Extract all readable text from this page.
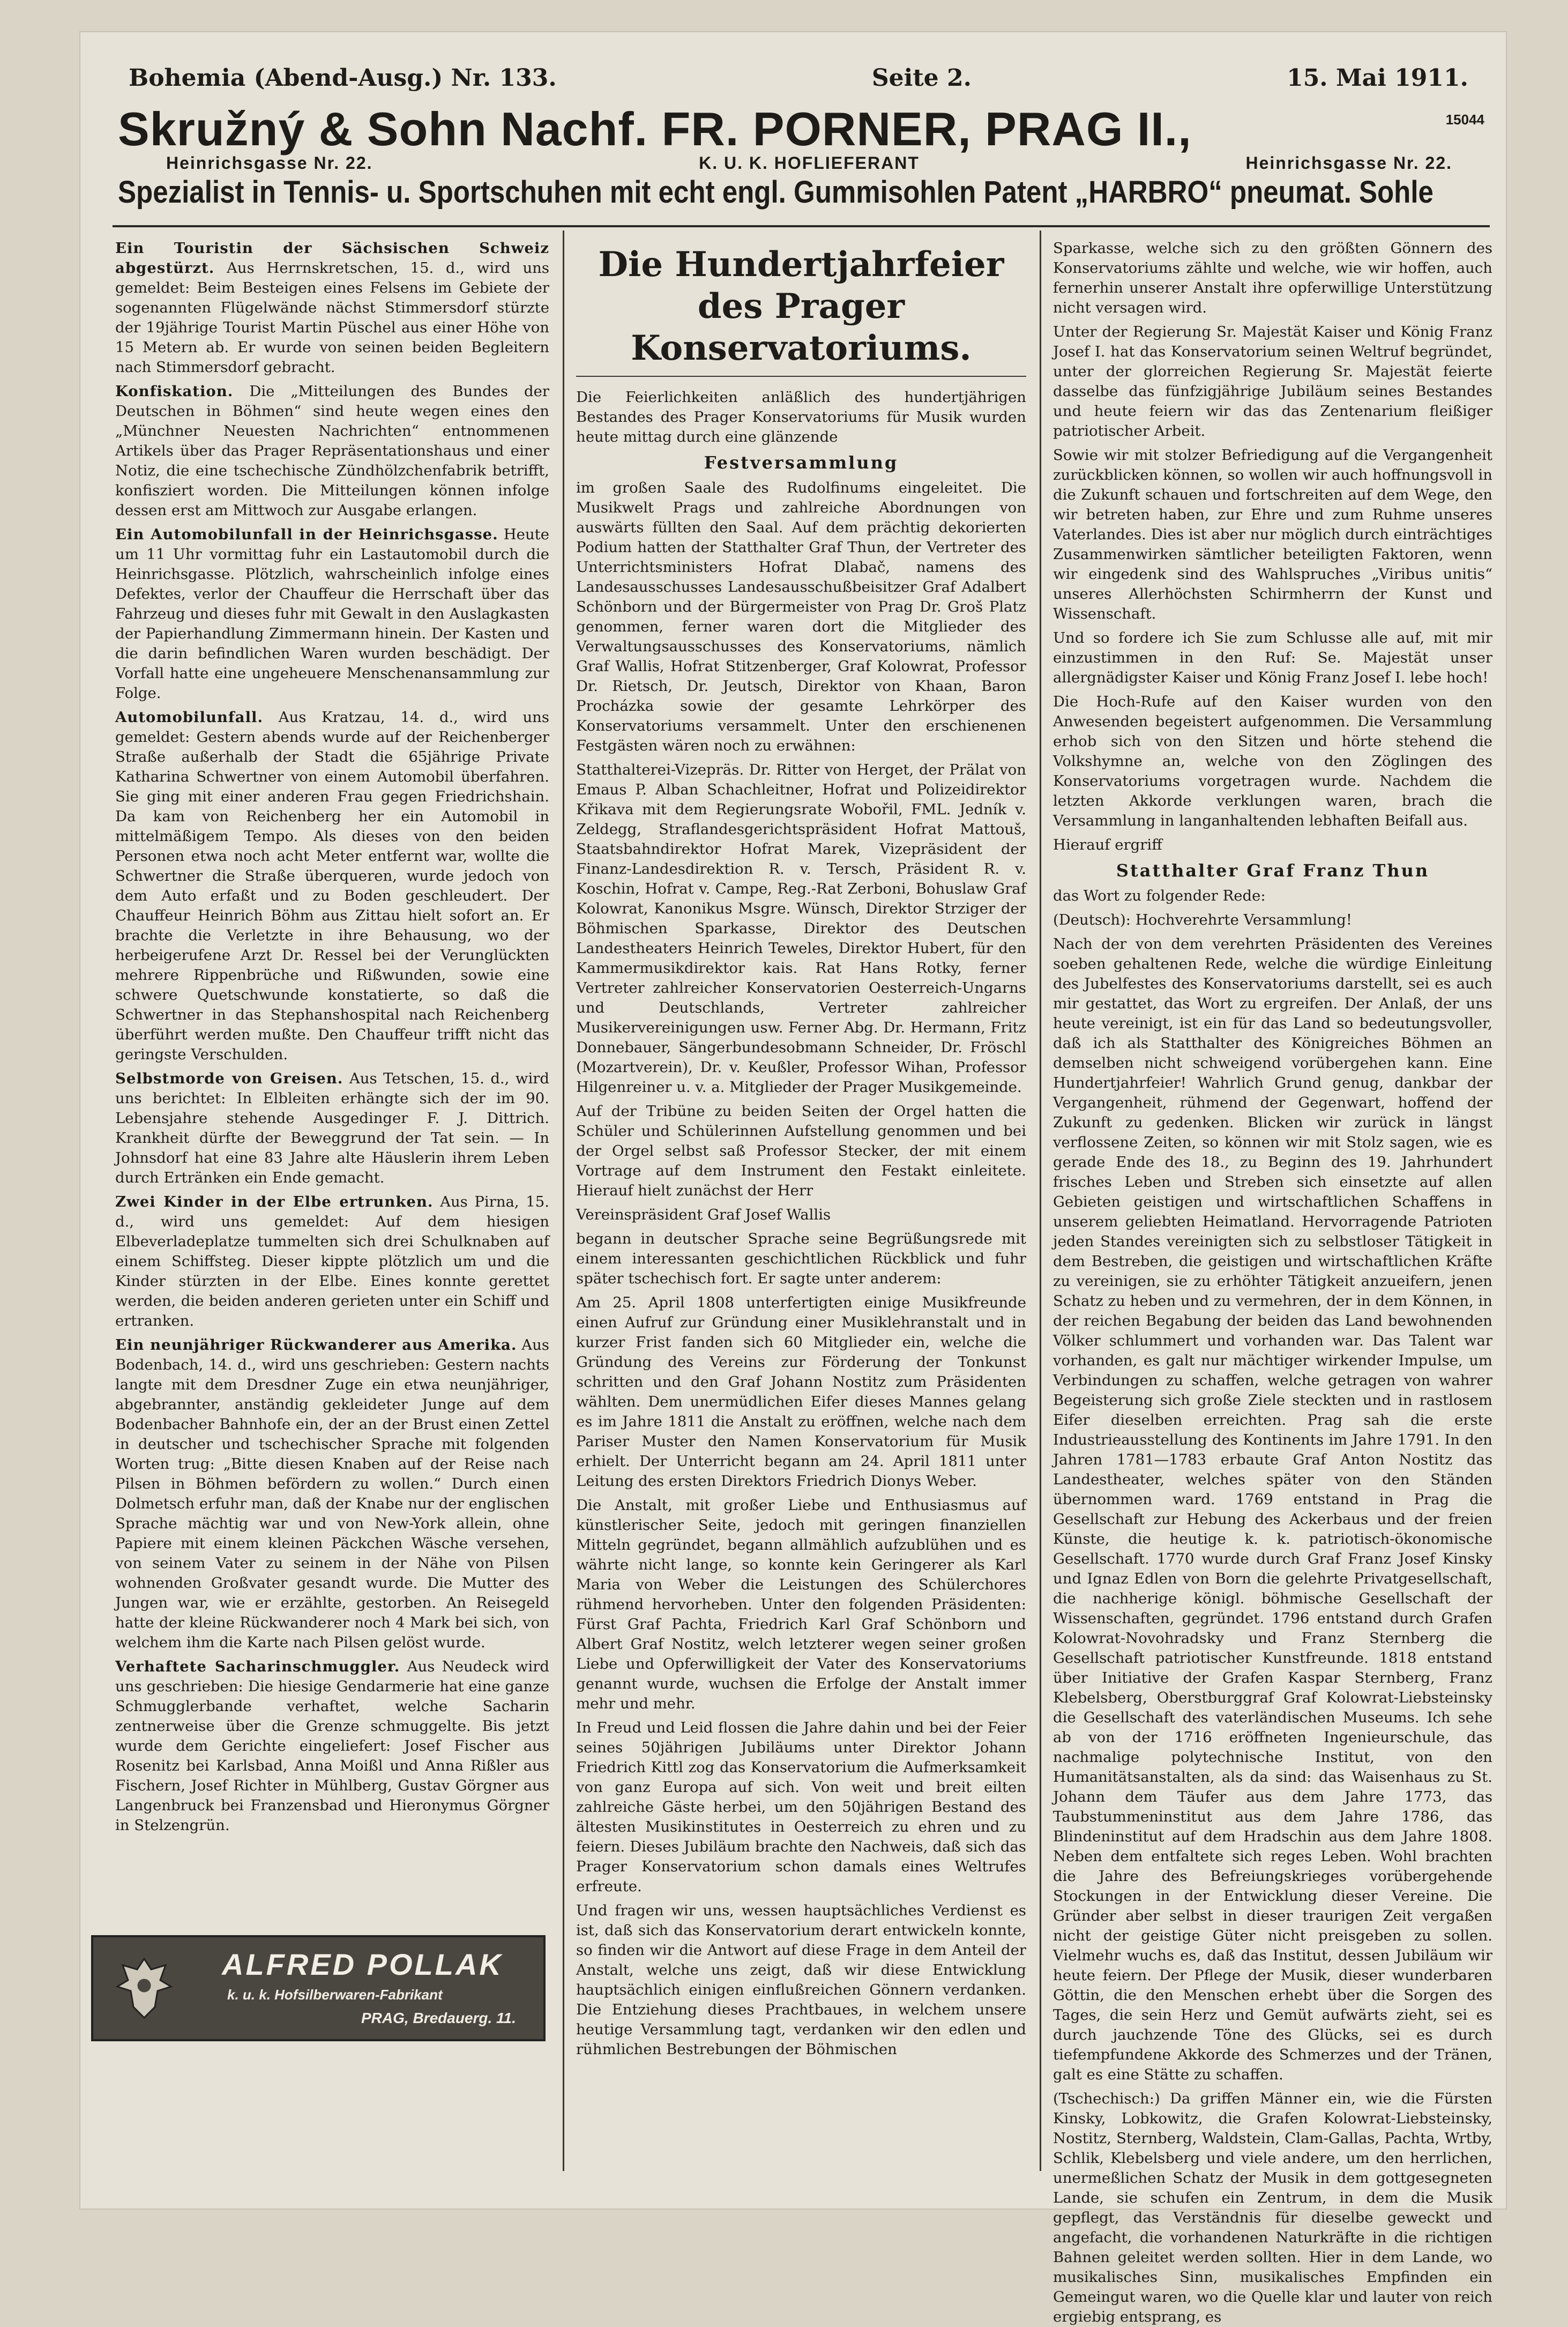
Bohemia (Abend-Ausg.) Nr. 133.	Seite 2.	15. Mai 1911.
Skružný & Sohn Nachf. FR. PORNER, PRAG II.,
Heinrichsgasse Nr. 22.	K. U. K. HOFLIEFERANT	Heinrichsgasse Nr. 22.
Spezialist in Tennis- u. Sportschuhen mit echt engl. Gummisohlen Patent „HARBRO“ pneumat. Sohle
15044

Ein Touristin der Sächsischen Schweiz abgestürzt. Aus Herrnskretschen, 15. d., wird uns gemeldet: Beim Besteigen eines Felsens im Gebiete der sogenannten Flügelwände nächst Stimmersdorf stürzte der 19jährige Tourist Martin Püschel aus einer Höhe von 15 Metern ab. Er wurde von seinen beiden Begleitern nach Stimmersdorf gebracht.

Konfiskation. Die „Mitteilungen des Bundes der Deutschen in Böhmen“ sind heute wegen eines den „Münchner Neuesten Nachrichten“ entnommenen Artikels über das Prager Repräsentationshaus und einer Notiz, die eine tschechische Zündhölzchenfabrik betrifft, konfisziert worden. Die Mitteilungen können infolge dessen erst am Mittwoch zur Ausgabe erlangen.

Ein Automobilunfall in der Heinrichsgasse. Heute um 11 Uhr vormittag fuhr ein Lastautomobil durch die Heinrichsgasse. Plötzlich, wahrscheinlich infolge eines Defektes, verlor der Chauffeur die Herrschaft über das Fahrzeug und dieses fuhr mit Gewalt in den Auslagkasten der Papierhandlung Zimmermann hinein. Der Kasten und die darin befindlichen Waren wurden beschädigt. Der Vorfall hatte eine ungeheuere Menschenansammlung zur Folge.

Automobilunfall. Aus Kratzau, 14. d., wird uns gemeldet: Gestern abends wurde auf der Reichenberger Straße außerhalb der Stadt die 65jährige Private Katharina Schwertner von einem Automobil überfahren. Sie ging mit einer anderen Frau gegen Friedrichshain. Da kam von Reichenberg her ein Automobil in mittelmäßigem Tempo. Als dieses von den beiden Personen etwa noch acht Meter entfernt war, wollte die Schwertner die Straße überqueren, wurde jedoch von dem Auto erfaßt und zu Boden geschleudert. Der Chauffeur Heinrich Böhm aus Zittau hielt sofort an. Er brachte die Verletzte in ihre Behausung, wo der herbeigerufene Arzt Dr. Ressel bei der Verunglückten mehrere Rippenbrüche und Rißwunden, sowie eine schwere Quetschwunde konstatierte, so daß die Schwertner in das Stephanshospital nach Reichenberg überführt werden mußte. Den Chauffeur trifft nicht das geringste Verschulden.

Selbstmorde von Greisen. Aus Tetschen, 15. d., wird uns berichtet: In Elbleiten erhängte sich der im 90. Lebensjahre stehende Ausgedinger F. J. Dittrich. Krankheit dürfte der Beweggrund der Tat sein. — In Johnsdorf hat eine 83 Jahre alte Häuslerin ihrem Leben durch Ertränken ein Ende gemacht.

Zwei Kinder in der Elbe ertrunken. Aus Pirna, 15. d., wird uns gemeldet: Auf dem hiesigen Elbeverladeplatze tummelten sich drei Schulknaben auf einem Schiffsteg. Dieser kippte plötzlich um und die Kinder stürzten in der Elbe. Eines konnte gerettet werden, die beiden anderen gerieten unter ein Schiff und ertranken.

Ein neunjähriger Rückwanderer aus Amerika. Aus Bodenbach, 14. d., wird uns geschrieben: Gestern nachts langte mit dem Dresdner Zuge ein etwa neunjähriger, abgebrannter, anständig gekleideter Junge auf dem Bodenbacher Bahnhofe ein, der an der Brust einen Zettel in deutscher und tschechischer Sprache mit folgenden Worten trug: „Bitte diesen Knaben auf der Reise nach Pilsen in Böhmen befördern zu wollen.“ Durch einen Dolmetsch erfuhr man, daß der Knabe nur der englischen Sprache mächtig war und von New-York allein, ohne Papiere mit einem kleinen Päckchen Wäsche versehen, von seinem Vater zu seinem in der Nähe von Pilsen wohnenden Großvater gesandt wurde. Die Mutter des Jungen war, wie er erzählte, gestorben. An Reisegeld hatte der kleine Rückwanderer noch 4 Mark bei sich, von welchem ihm die Karte nach Pilsen gelöst wurde.

Verhaftete Sacharinschmuggler. Aus Neudeck wird uns geschrieben: Die hiesige Gendarmerie hat eine ganze Schmugglerbande verhaftet, welche Sacharin zentnerweise über die Grenze schmuggelte. Bis jetzt wurde dem Gerichte eingeliefert: Josef Fischer aus Rosenitz bei Karlsbad, Anna Moißl und Anna Rißler aus Fischern, Josef Richter in Mühlberg, Gustav Görgner aus Langenbruck bei Franzensbad und Hieronymus Görgner in Stelzengrün.

Die Hundertjahrfeier des Prager Konservatoriums.

Die Feierlichkeiten anläßlich des hundertjährigen Bestandes des Prager Konservatoriums für Musik wurden heute mittag durch eine glänzende

Festversammlung

im großen Saale des Rudolfinums eingeleitet. Die Musikwelt Prags und zahlreiche Abordnungen von auswärts füllten den Saal. Auf dem prächtig dekorierten Podium hatten der Statthalter Graf Thun, der Vertreter des Unterrichtsministers Hofrat Dlabač, namens des Landesausschusses Landesausschußbeisitzer Graf Adalbert Schönborn und der Bürgermeister von Prag Dr. Groš Platz genommen, ferner waren dort die Mitglieder des Verwaltungsausschusses des Konservatoriums, nämlich Graf Wallis, Hofrat Stitzenberger, Graf Kolowrat, Professor Dr. Rietsch, Dr. Jeutsch, Direktor von Khaan, Baron Procházka sowie der gesamte Lehrkörper des Konservatoriums versammelt. Unter den erschienenen Festgästen wären noch zu erwähnen:

Statthalterei-Vizepräs. Dr. Ritter von Herget, der Prälat von Emaus P. Alban Schachleitner, Hofrat und Polizeidirektor Křikava mit dem Regierungsrate Wobořil, FML. Jedník v. Zeldegg, Straflandesgerichtspräsident Hofrat Mattouš, Staatsbahndirektor Hofrat Marek, Vizepräsident der Finanz-Landesdirektion R. v. Tersch, Präsident R. v. Koschin, Hofrat v. Campe, Reg.-Rat Zerboni, Bohuslaw Graf Kolowrat, Kanonikus Msgre. Wünsch, Direktor Strziger der Böhmischen Sparkasse, Direktor des Deutschen Landestheaters Heinrich Teweles, Direktor Hubert, für den Kammermusikdirektor kais. Rat Hans Rotky, ferner Vertreter zahlreicher Konservatorien Oesterreich-Ungarns und Deutschlands, Vertreter zahlreicher Musikervereinigungen usw. Ferner Abg. Dr. Hermann, Fritz Donnebauer, Sängerbundesobmann Schneider, Dr. Fröschl (Mozartverein), Dr. v. Keußler, Professor Wihan, Professor Hilgenreiner u. v. a. Mitglieder der Prager Musikgemeinde.

Auf der Tribüne zu beiden Seiten der Orgel hatten die Schüler und Schülerinnen Aufstellung genommen und bei der Orgel selbst saß Professor Stecker, der mit einem Vortrage auf dem Instrument den Festakt einleitete. Hierauf hielt zunächst der Herr

Vereinspräsident Graf Josef Wallis

begann in deutscher Sprache seine Begrüßungsrede mit einem interessanten geschichtlichen Rückblick und fuhr später tschechisch fort. Er sagte unter anderem:

Am 25. April 1808 unterfertigten einige Musikfreunde einen Aufruf zur Gründung einer Musiklehranstalt und in kurzer Frist fanden sich 60 Mitglieder ein, welche die Gründung des Vereins zur Förderung der Tonkunst schritten und den Graf Johann Nostitz zum Präsidenten wählten. Dem unermüdlichen Eifer dieses Mannes gelang es im Jahre 1811 die Anstalt zu eröffnen, welche nach dem Pariser Muster den Namen Konservatorium für Musik erhielt. Der Unterricht begann am 24. April 1811 unter Leitung des ersten Direktors Friedrich Dionys Weber.

Die Anstalt, mit großer Liebe und Enthusiasmus auf künstlerischer Seite, jedoch mit geringen finanziellen Mitteln gegründet, begann allmählich aufzublühen und es währte nicht lange, so konnte kein Geringerer als Karl Maria von Weber die Leistungen des Schülerchores rühmend hervorheben. Unter den folgenden Präsidenten: Fürst Graf Pachta, Friedrich Karl Graf Schönborn und Albert Graf Nostitz, welch letzterer wegen seiner großen Liebe und Opferwilligkeit der Vater des Konservatoriums genannt wurde, wuchsen die Erfolge der Anstalt immer mehr und mehr.

In Freud und Leid flossen die Jahre dahin und bei der Feier seines 50jährigen Jubiläums unter Direktor Johann Friedrich Kittl zog das Konservatorium die Aufmerksamkeit von ganz Europa auf sich. Von weit und breit eilten zahlreiche Gäste herbei, um den 50jährigen Bestand des ältesten Musikinstitutes in Oesterreich zu ehren und zu feiern. Dieses Jubiläum brachte den Nachweis, daß sich das Prager Konservatorium schon damals eines Weltrufes erfreute.

Und fragen wir uns, wessen hauptsächliches Verdienst es ist, daß sich das Konservatorium derart entwickeln konnte, so finden wir die Antwort auf diese Frage in dem Anteil der Anstalt, welche uns zeigt, daß wir diese Entwicklung hauptsächlich einigen einflußreichen Gönnern verdanken. Die Entziehung dieses Prachtbaues, in welchem unsere heutige Versammlung tagt, verdanken wir den edlen und rühmlichen Bestrebungen der Böhmischen

Sparkasse, welche sich zu den größten Gönnern des Konservatoriums zählte und welche, wie wir hoffen, auch fernerhin unserer Anstalt ihre opferwillige Unterstützung nicht versagen wird.

Unter der Regierung Sr. Majestät Kaiser und König Franz Josef I. hat das Konservatorium seinen Weltruf begründet, unter der glorreichen Regierung Sr. Majestät feierte dasselbe das fünfzigjährige Jubiläum seines Bestandes und heute feiern wir das das Zentenarium fleißiger patriotischer Arbeit.

Sowie wir mit stolzer Befriedigung auf die Vergangenheit zurückblicken können, so wollen wir auch hoffnungsvoll in die Zukunft schauen und fortschreiten auf dem Wege, den wir betreten haben, zur Ehre und zum Ruhme unseres Vaterlandes. Dies ist aber nur möglich durch einträchtiges Zusammenwirken sämtlicher beteiligten Faktoren, wenn wir eingedenk sind des Wahlspruches „Viribus unitis“ unseres Allerhöchsten Schirmherrn der Kunst und Wissenschaft.

Und so fordere ich Sie zum Schlusse alle auf, mit mir einzustimmen in den Ruf: Se. Majestät unser allergnädigster Kaiser und König Franz Josef I. lebe hoch!

Die Hoch-Rufe auf den Kaiser wurden von den Anwesenden begeistert aufgenommen. Die Versammlung erhob sich von den Sitzen und hörte stehend die Volkshymne an, welche von den Zöglingen des Konservatoriums vorgetragen wurde. Nachdem die letzten Akkorde verklungen waren, brach die Versammlung in langanhaltenden lebhaften Beifall aus.

Hierauf ergriff

Statthalter Graf Franz Thun

das Wort zu folgender Rede:

(Deutsch): Hochverehrte Versammlung!

Nach der von dem verehrten Präsidenten des Vereines soeben gehaltenen Rede, welche die würdige Einleitung des Jubelfestes des Konservatoriums darstellt, sei es auch mir gestattet, das Wort zu ergreifen. Der Anlaß, der uns heute vereinigt, ist ein für das Land so bedeutungsvoller, daß ich als Statthalter des Königreiches Böhmen an demselben nicht schweigend vorübergehen kann. Eine Hundertjahrfeier! Wahrlich Grund genug, dankbar der Vergangenheit, rühmend der Gegenwart, hoffend der Zukunft zu gedenken. Blicken wir zurück in längst verflossene Zeiten, so können wir mit Stolz sagen, wie es gerade Ende des 18., zu Beginn des 19. Jahrhundert frisches Leben und Streben sich einsetzte auf allen Gebieten geistigen und wirtschaftlichen Schaffens in unserem geliebten Heimatland. Hervorragende Patrioten jeden Standes vereinigten sich zu selbstloser Tätigkeit in dem Bestreben, die geistigen und wirtschaftlichen Kräfte zu vereinigen, sie zu erhöhter Tätigkeit anzueifern, jenen Schatz zu heben und zu vermehren, der in dem Können, in der reichen Begabung der beiden das Land bewohnenden Völker schlummert und vorhanden war. Das Talent war vorhanden, es galt nur mächtiger wirkender Impulse, um Verbindungen zu schaffen, welche getragen von wahrer Begeisterung sich große Ziele steckten und in rastlosem Eifer dieselben erreichten. Prag sah die erste Industrieausstellung des Kontinents im Jahre 1791. In den Jahren 1781—1783 erbaute Graf Anton Nostitz das Landestheater, welches später von den Ständen übernommen ward. 1769 entstand in Prag die Gesellschaft zur Hebung des Ackerbaus und der freien Künste, die heutige k. k. patriotisch-ökonomische Gesellschaft. 1770 wurde durch Graf Franz Josef Kinsky und Ignaz Edlen von Born die gelehrte Privatgesellschaft, die nachherige königl. böhmische Gesellschaft der Wissenschaften, gegründet. 1796 entstand durch Grafen Kolowrat-Novohradsky und Franz Sternberg die Gesellschaft patriotischer Kunstfreunde. 1818 entstand über Initiative der Grafen Kaspar Sternberg, Franz Klebelsberg, Oberstburggraf Graf Kolowrat-Liebsteinsky die Gesellschaft des vaterländischen Museums. Ich sehe ab von der 1716 eröffneten Ingenieurschule, das nachmalige polytechnische Institut, von den Humanitätsanstalten, als da sind: das Waisenhaus zu St. Johann dem Täufer aus dem Jahre 1773, das Taubstummeninstitut aus dem Jahre 1786, das Blindeninstitut auf dem Hradschin aus dem Jahre 1808. Neben dem entfaltete sich reges Leben. Wohl brachten die Jahre des Befreiungskrieges vorübergehende Stockungen in der Entwicklung dieser Vereine. Die Gründer aber selbst in dieser traurigen Zeit vergaßen nicht der geistige Güter nicht preisgeben zu sollen. Vielmehr wuchs es, daß das Institut, dessen Jubiläum wir heute feiern. Der Pflege der Musik, dieser wunderbaren Göttin, die den Menschen erhebt über die Sorgen des Tages, die sein Herz und Gemüt aufwärts zieht, sei es durch jauchzende Töne des Glücks, sei es durch tiefempfundene Akkorde des Schmerzes und der Tränen, galt es eine Stätte zu schaffen.

(Tschechisch:) Da griffen Männer ein, wie die Fürsten Kinsky, Lobkowitz, die Grafen Kolowrat-Liebsteinsky, Nostitz, Sternberg, Waldstein, Clam-Gallas, Pachta, Wrtby, Schlik, Klebelsberg und viele andere, um den herrlichen, unermeßlichen Schatz der Musik in dem gottgesegneten Lande, sie schufen ein Zentrum, in dem die Musik gepflegt, das Verständnis für dieselbe geweckt und angefacht, die vorhandenen Naturkräfte in die richtigen Bahnen geleitet werden sollten. Hier in dem Lande, wo musikalisches Sinn, musikalisches Empfinden ein Gemeingut waren, wo die Quelle klar und lauter von reich ergiebig entsprang, es

ALFRED POLLAK
k. u. k. Hofsilberwaren-Fabrikant
PRAG, Bredauerg. 11.
